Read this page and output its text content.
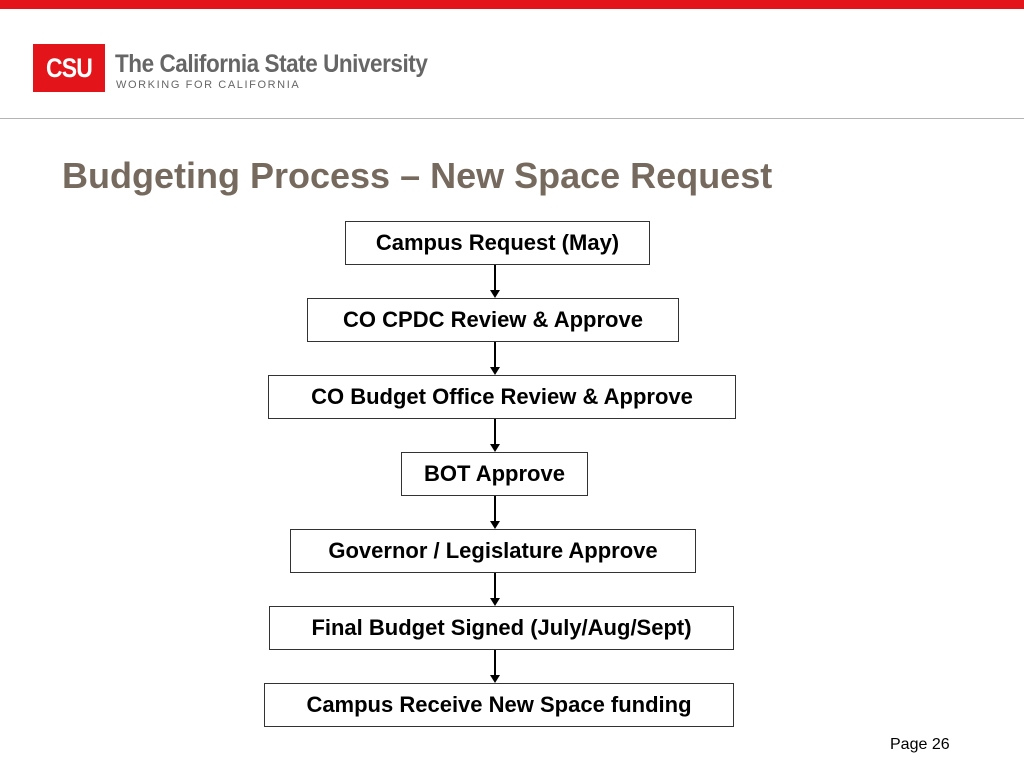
CSU The California State University
WORKING FOR CALIFORNIA
Budgeting Process – New Space Request
Campus Request (May)
CO CPDC Review & Approve
CO Budget Office Review & Approve
BOT Approve
Governor / Legislature Approve
Final Budget Signed (July/Aug/Sept)
Campus Receive New Space funding
Page 26
